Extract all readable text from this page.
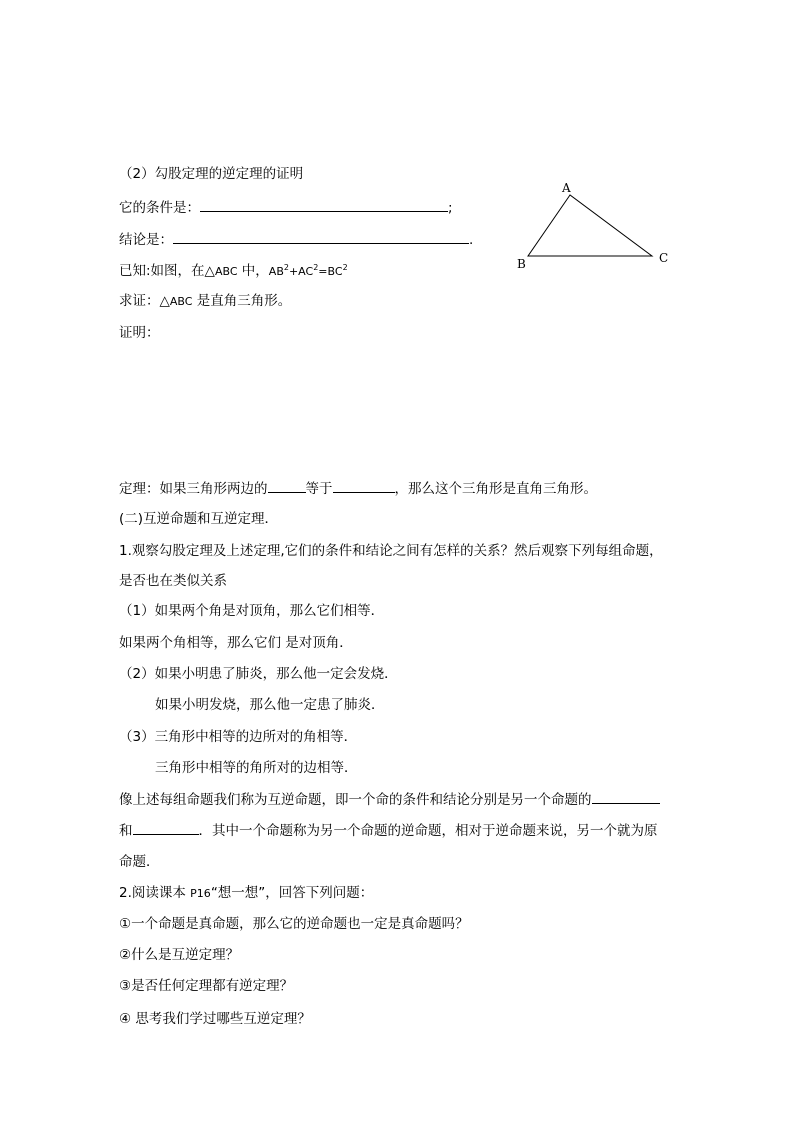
（2）勾股定理的逆定理的证明
它的条件是：	;
结论是：	.
已知:如图，在△ABC 中，$AB^2+AC^2=BC^2$
求证：△ABC 是直角三角形。
证明：
A
B	C
定理：如果三角形两边的	等于	，那么这个三角形是直角三角形。
(二)互逆命题和互逆定理．
1.观察勾股定理及上述定理,它们的条件和结论之间有怎样的关系？然后观察下列每组命题，
是否也在类似关系
（1）如果两个角是对顶角，那么它们相等．
如果两个角相等，那么它们 是对顶角．
（2）如果小明患了肺炎，那么他一定会发烧．
如果小明发烧，那么他一定患了肺炎．
（3）三角形中相等的边所对的角相等．
三角形中相等的角所对的边相等．
像上述每组命题我们称为互逆命题，即一个命的条件和结论分别是另一个命题的
和	．其中一个命题称为另一个命题的逆命题，相对于逆命题来说，另一个就为原
命题．
2.阅读课本 P16“想一想”，回答下列问题：
①一个命题是真命题，那么它的逆命题也一定是真命题吗？
②什么是互逆定理？
③是否任何定理都有逆定理？
④ 思考我们学过哪些互逆定理？
